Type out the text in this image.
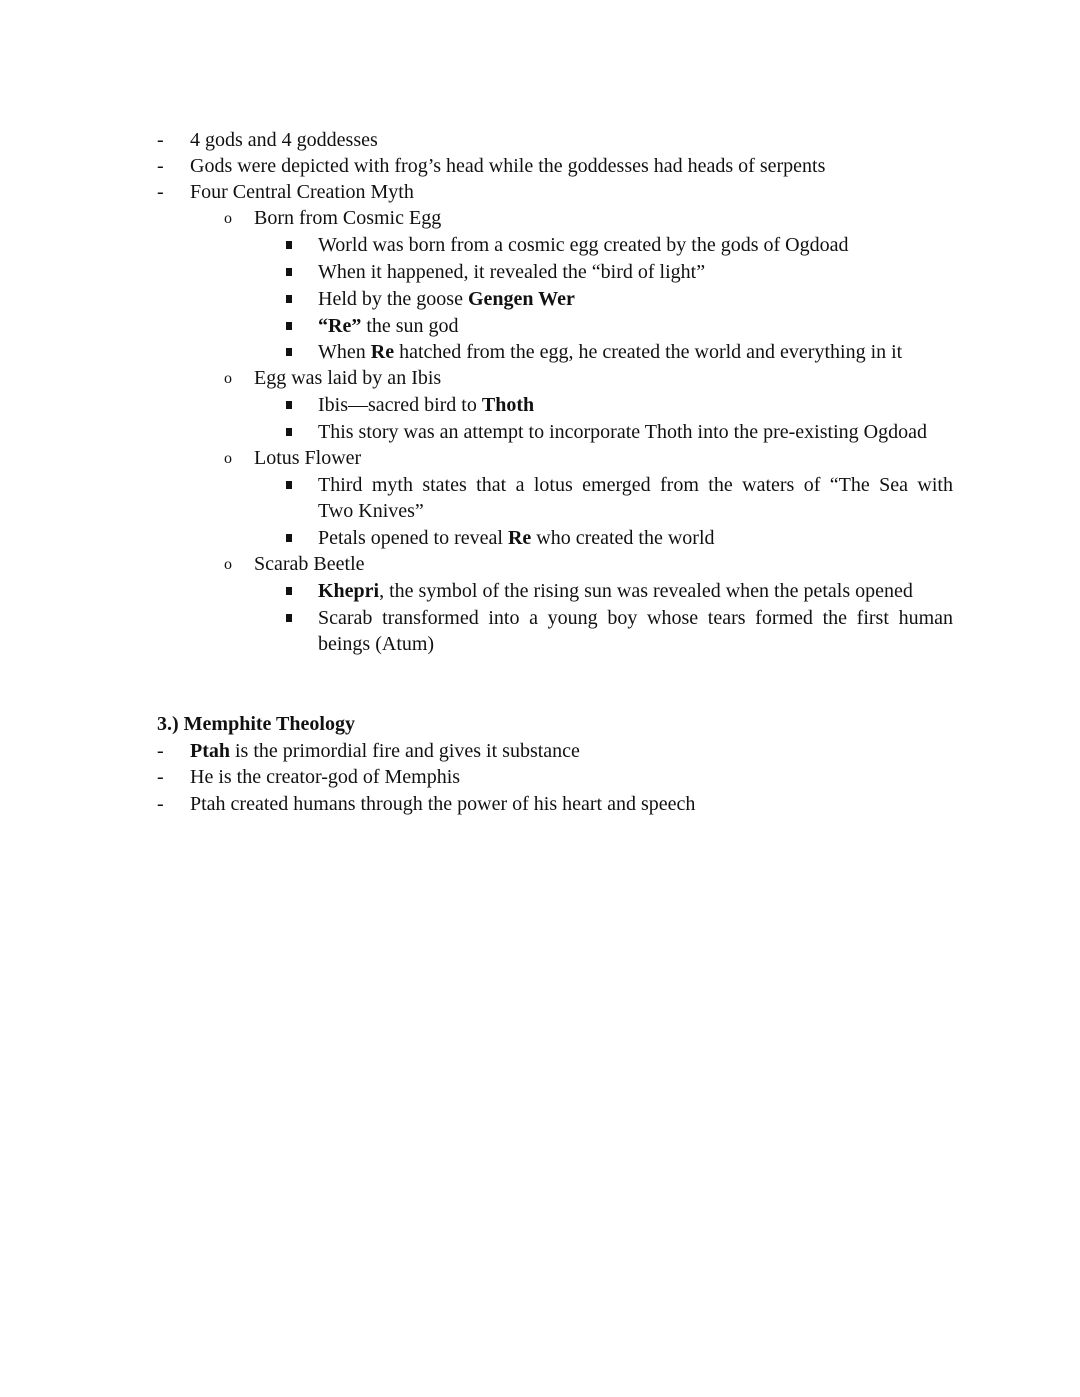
- 4 gods and 4 goddesses
- Gods were depicted with frog’s head while the goddesses had heads of serpents
- Four Central Creation Myth
o Born from Cosmic Egg
World was born from a cosmic egg created by the gods of Ogdoad
When it happened, it revealed the “bird of light”
Held by the goose Gengen Wer
“Re” the sun god
When Re hatched from the egg, he created the world and everything in it
o Egg was laid by an Ibis
Ibis—sacred bird to Thoth
This story was an attempt to incorporate Thoth into the pre-existing Ogdoad
o Lotus Flower
Third myth states that a lotus emerged from the waters of “The Sea with
Two Knives”
Petals opened to reveal Re who created the world
o Scarab Beetle
Khepri, the symbol of the rising sun was revealed when the petals opened
Scarab transformed into a young boy whose tears formed the first human
beings (Atum)
3.) Memphite Theology
- Ptah is the primordial fire and gives it substance
- He is the creator-god of Memphis
- Ptah created humans through the power of his heart and speech
